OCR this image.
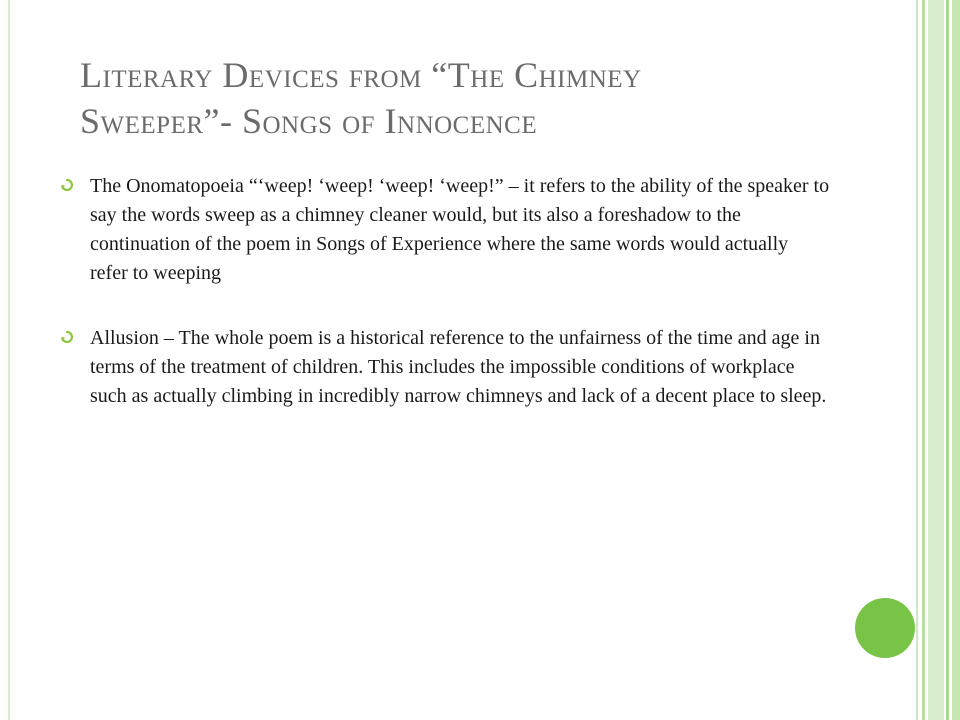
Literary Devices from “The Chimney
Sweeper”- Songs of Innocence
The Onomatopoeia “‘weep! ‘weep! ‘weep! ‘weep!” – it refers to the ability of the speaker to say the words sweep as a chimney cleaner would, but its also a foreshadow to the continuation of the poem in Songs of Experience where the same words would actually refer to weeping
Allusion – The whole poem is a historical reference to the unfairness of the time and age in terms of the treatment of children. This includes the impossible conditions of workplace such as actually climbing in incredibly narrow chimneys and lack of a decent place to sleep.
